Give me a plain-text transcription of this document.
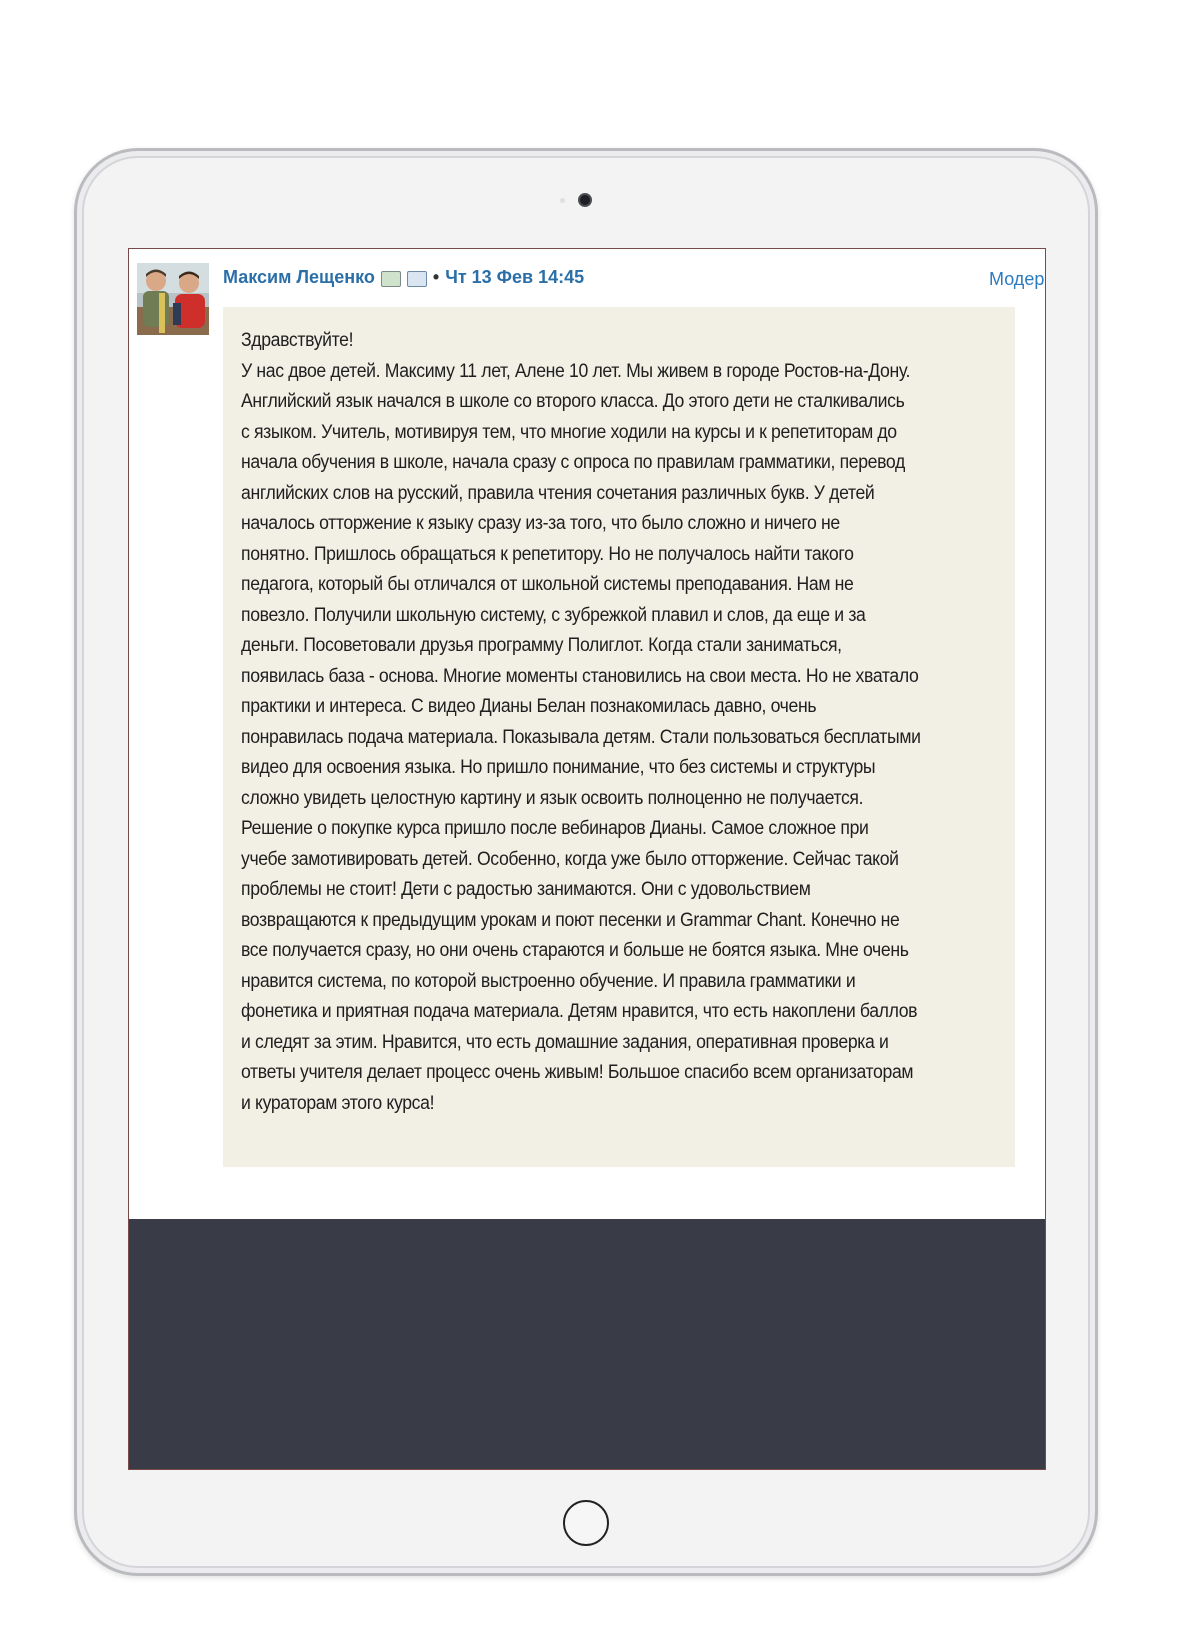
Максим Лещенко	• Чт 13 Фев 14:45	Модер

Здравствуйте!
У нас двое детей. Максиму 11 лет, Алене 10 лет. Мы живем в городе Ростов-на-Дону.
Английский язык начался в школе со второго класса. До этого дети не сталкивались
с языком. Учитель, мотивируя тем, что многие ходили на курсы и к репетиторам до
начала обучения в школе, начала сразу с опроса по правилам грамматики, перевод
английских слов на русский, правила чтения сочетания различных букв. У детей
началось отторжение к языку сразу из-за того, что было сложно и ничего не
понятно. Пришлось обращаться к репетитору. Но не получалось найти такого
педагога, который бы отличался от школьной системы преподавания. Нам не
повезло. Получили школьную систему, с зубрежкой плавил и слов, да еще и за
деньги. Посоветовали друзья программу Полиглот. Когда стали заниматься,
появилась база - основа. Многие моменты становились на свои места. Но не хватало
практики и интереса. С видео Дианы Белан познакомилась давно, очень
понравилась подача материала. Показывала детям. Стали пользоваться бесплатыми
видео для освоения языка. Но пришло понимание, что без системы и структуры
сложно увидеть целостную картину и язык освоить полноценно не получается.
Решение о покупке курса пришло после вебинаров Дианы. Самое сложное при
учебе замотивировать детей. Особенно, когда уже было отторжение. Сейчас такой
проблемы не стоит! Дети с радостью занимаются. Они с удовольствием
возвращаются к предыдущим урокам и поют песенки и Grammar Chant. Конечно не
все получается сразу, но они очень стараются и больше не боятся языка. Мне очень
нравится система, по которой выстроенно обучение. И правила грамматики и
фонетика и приятная подача материала. Детям нравится, что есть накоплени баллов
и следят за этим. Нравится, что есть домашние задания, оперативная проверка и
ответы учителя делает процесс очень живым! Большое спасибо всем организаторам
и кураторам этого курса!
